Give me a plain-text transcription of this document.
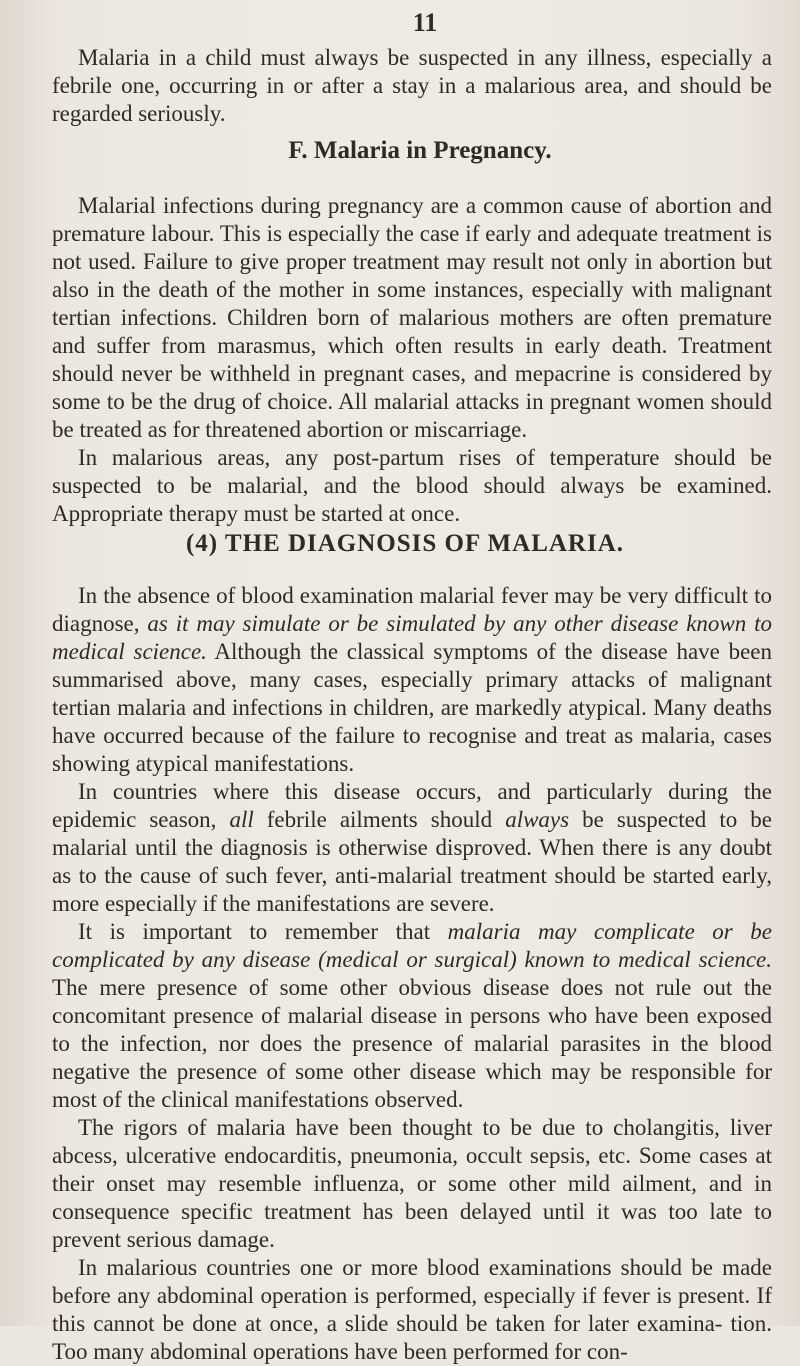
11

Malaria in a child must always be suspected in any illness, especially a febrile one, occurring in or after a stay in a malarious area, and should be regarded seriously.

F. Malaria in Pregnancy.

Malarial infections during pregnancy are a common cause of abortion and premature labour. This is especially the case if early and adequate treatment is not used. Failure to give proper treatment may result not only in abortion but also in the death of the mother in some instances, especially with malignant tertian infections. Children born of malarious mothers are often premature and suffer from marasmus, which often results in early death. Treatment should never be withheld in pregnant cases, and mepacrine is considered by some to be the drug of choice. All malarial attacks in pregnant women should be treated as for threatened abortion or miscarriage.

In malarious areas, any post-partum rises of temperature should be suspected to be malarial, and the blood should always be examined. Appropriate therapy must be started at once.

(4) THE DIAGNOSIS OF MALARIA.

In the absence of blood examination malarial fever may be very difficult to diagnose, as it may simulate or be simulated by any other disease known to medical science. Although the classical symptoms of the disease have been summarised above, many cases, especially primary attacks of malignant tertian malaria and infections in children, are markedly atypical. Many deaths have occurred because of the failure to recognise and treat as malaria, cases showing atypical manifestations.

In countries where this disease occurs, and particularly during the epidemic season, all febrile ailments should always be suspected to be malarial until the diagnosis is otherwise disproved. When there is any doubt as to the cause of such fever, anti-malarial treatment should be started early, more especially if the manifestations are severe.

It is important to remember that malaria may complicate or be complicated by any disease (medical or surgical) known to medical science. The mere presence of some other obvious disease does not rule out the concomitant presence of malarial disease in persons who have been exposed to the infection, nor does the presence of malarial parasites in the blood negative the presence of some other disease which may be responsible for most of the clinical manifestations observed.

The rigors of malaria have been thought to be due to cholangitis, liver abcess, ulcerative endocarditis, pneumonia, occult sepsis, etc. Some cases at their onset may resemble influenza, or some other mild ailment, and in consequence specific treatment has been delayed until it was too late to prevent serious damage.

In malarious countries one or more blood examinations should be made before any abdominal operation is performed, especially if fever is present. If this cannot be done at once, a slide should be taken for later examina- tion. Too many abdominal operations have been performed for con-
